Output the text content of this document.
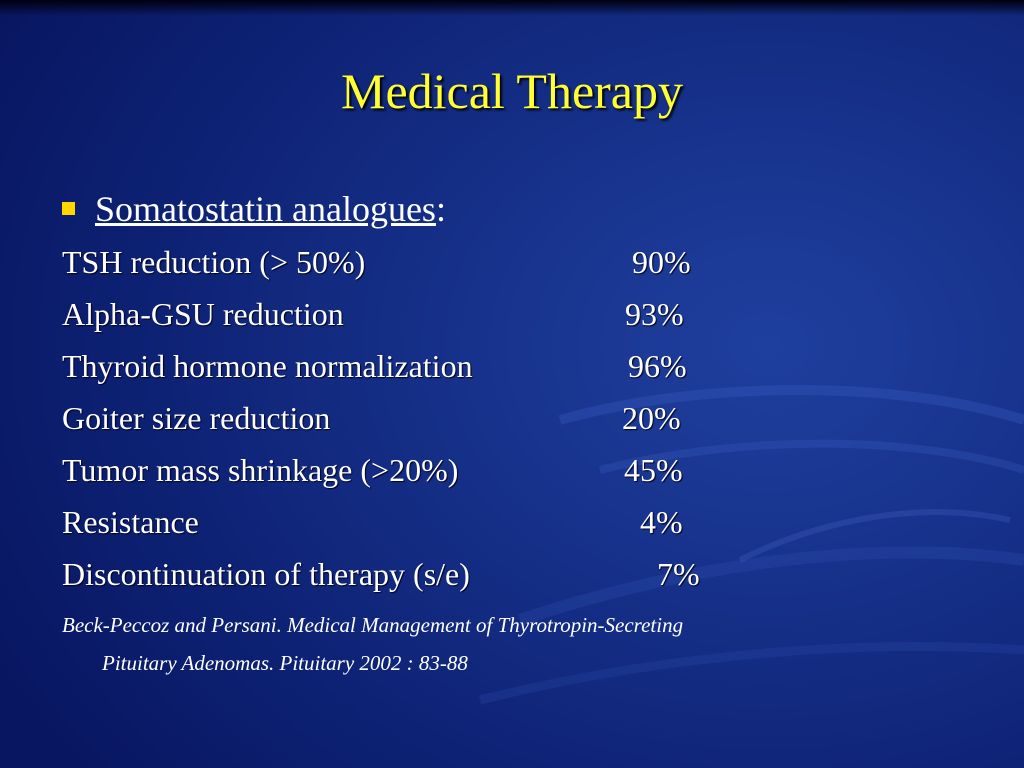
Medical Therapy
Somatostatin analogues:
TSH reduction (> 50%)	90%
Alpha-GSU reduction	93%
Thyroid hormone normalization	96%
Goiter size reduction	20%
Tumor mass shrinkage (>20%)	45%
Resistance	4%
Discontinuation of therapy (s/e)	7%
Beck-Peccoz and Persani. Medical Management of Thyrotropin-Secreting
Pituitary Adenomas. Pituitary 2002 : 83-88
